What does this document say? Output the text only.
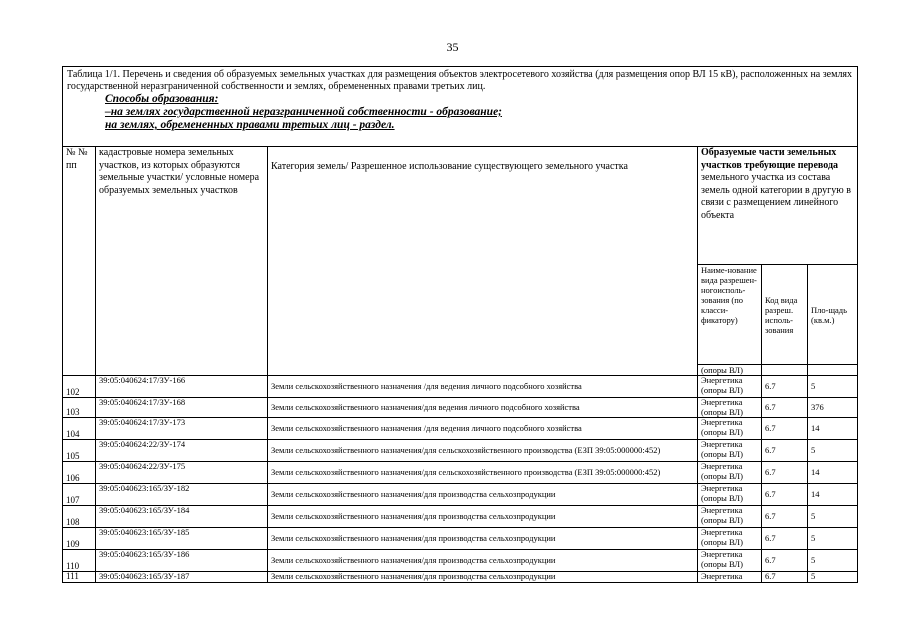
35
Таблица 1/1. Перечень и сведения об образуемых земельных участках для размещения объектов электросетевого хозяйства (для размещения опор ВЛ 15 кВ), расположенных на землях государственной неразграниченной собственности и землях, обремененных правами третьих лиц.
Способы образования:
–на землях государственной неразграниченной собственности - образование;
на землях, обремененных правами третьих лиц - раздел.					

№ № пп	кадастровые номера земельных участков, из которых образуются земельные участки/ условные номера образуемых земельных участков	Категория земель/ Разрешенное использование существующего земельного участка	Образуемые части земельных участков требующие перевода земельного участка из состава земель одной категории в другую в связи с размещением линейного объекта		
			Наиме-нование вида разрешен-ногоисполь-зования (по класси-фикатору)	Код вида разреш. исполь-зования	Пло-щадь (кв.м.)
			(опоры ВЛ)		
102	39:05:040624:17/ЗУ-166	Земли сельскохозяйственного назначения /для ведения личного подсобного хозяйства	Энергетика (опоры ВЛ)	6.7	5
103	39:05:040624:17/ЗУ-168	Земли сельскохозяйственного назначения/для ведения личного подсобного хозяйства	Энергетика (опоры ВЛ)	6.7	376
104	39:05:040624:17/ЗУ-173	Земли сельскохозяйственного назначения /для ведения личного подсобного хозяйства	Энергетика (опоры ВЛ)	6.7	14
105	39:05:040624:22/ЗУ-174	Земли сельскохозяйственного назначения/для сельскохозяйственного производства (ЕЗП 39:05:000000:452)	Энергетика (опоры ВЛ)	6.7	5
106	39:05:040624:22/ЗУ-175	Земли сельскохозяйственного назначения/для сельскохозяйственного производства (ЕЗП 39:05:000000:452)	Энергетика (опоры ВЛ)	6.7	14
107	39:05:040623:165/ЗУ-182	Земли сельскохозяйственного назначения/для производства сельхозпродукции	Энергетика (опоры ВЛ)	6.7	14
108	39:05:040623:165/ЗУ-184	Земли сельскохозяйственного назначения/для производства сельхозпродукции	Энергетика (опоры ВЛ)	6.7	5
109	39:05:040623:165/ЗУ-185	Земли сельскохозяйственного назначения/для производства сельхозпродукции	Энергетика (опоры ВЛ)	6.7	5
110	39:05:040623:165/ЗУ-186	Земли сельскохозяйственного назначения/для производства сельхозпродукции	Энергетика (опоры ВЛ)	6.7	5
111	39:05:040623:165/ЗУ-187	Земли сельскохозяйственного назначения/для производства сельхозпродукции	Энергетика	6.7	5
